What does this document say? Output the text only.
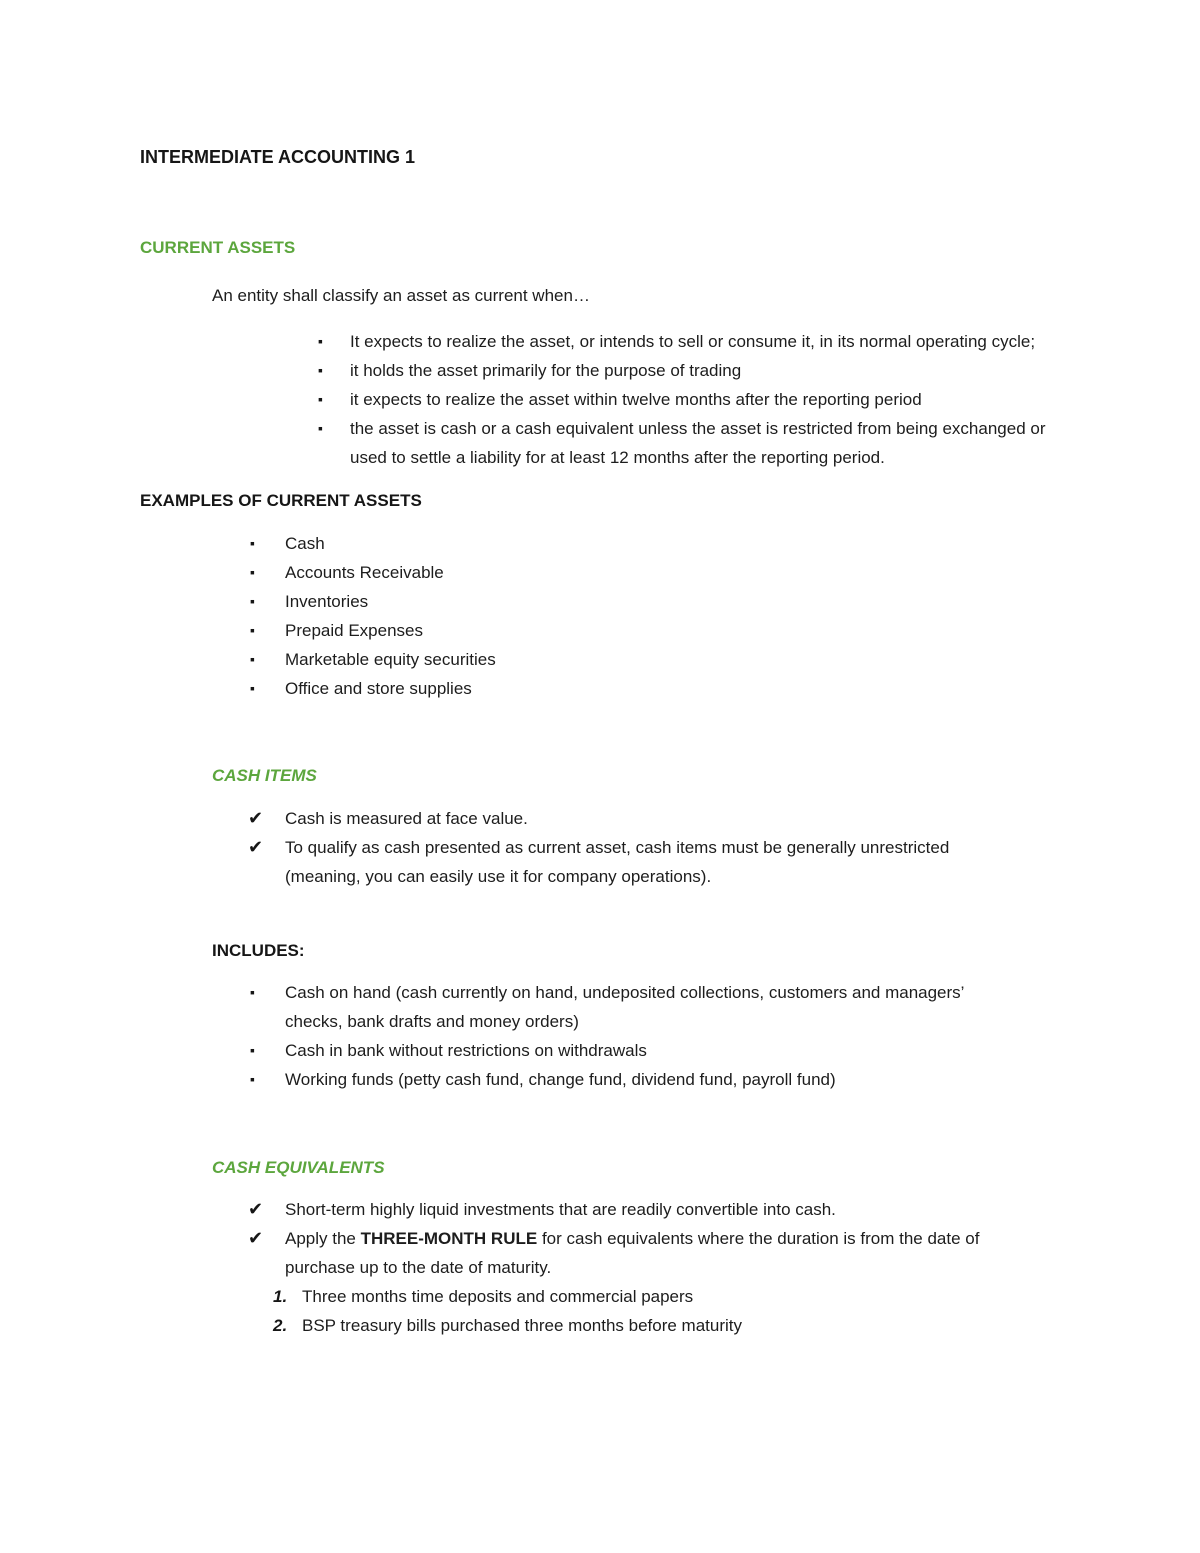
INTERMEDIATE ACCOUNTING 1
CURRENT ASSETS

An entity shall classify an asset as current when…

▪ It expects to realize the asset, or intends to sell or consume it, in its normal operating cycle;
▪ it holds the asset primarily for the purpose of trading
▪ it expects to realize the asset within twelve months after the reporting period
▪ the asset is cash or a cash equivalent unless the asset is restricted from being exchanged or used to settle a liability for at least 12 months after the reporting period.
EXAMPLES OF CURRENT ASSETS
▪ Cash
▪ Accounts Receivable
▪ Inventories
▪ Prepaid Expenses
▪ Marketable equity securities
▪ Office and store supplies
CASH ITEMS
✔ Cash is measured at face value.
✔ To qualify as cash presented as current asset, cash items must be generally unrestricted (meaning, you can easily use it for company operations).
INCLUDES:
▪ Cash on hand (cash currently on hand, undeposited collections, customers and managers’ checks, bank drafts and money orders)
▪ Cash in bank without restrictions on withdrawals
▪ Working funds (petty cash fund, change fund, dividend fund, payroll fund)
CASH EQUIVALENTS
✔ Short-term highly liquid investments that are readily convertible into cash.
✔ Apply the THREE-MONTH RULE for cash equivalents where the duration is from the date of purchase up to the date of maturity.
1. Three months time deposits and commercial papers
2. BSP treasury bills purchased three months before maturity
